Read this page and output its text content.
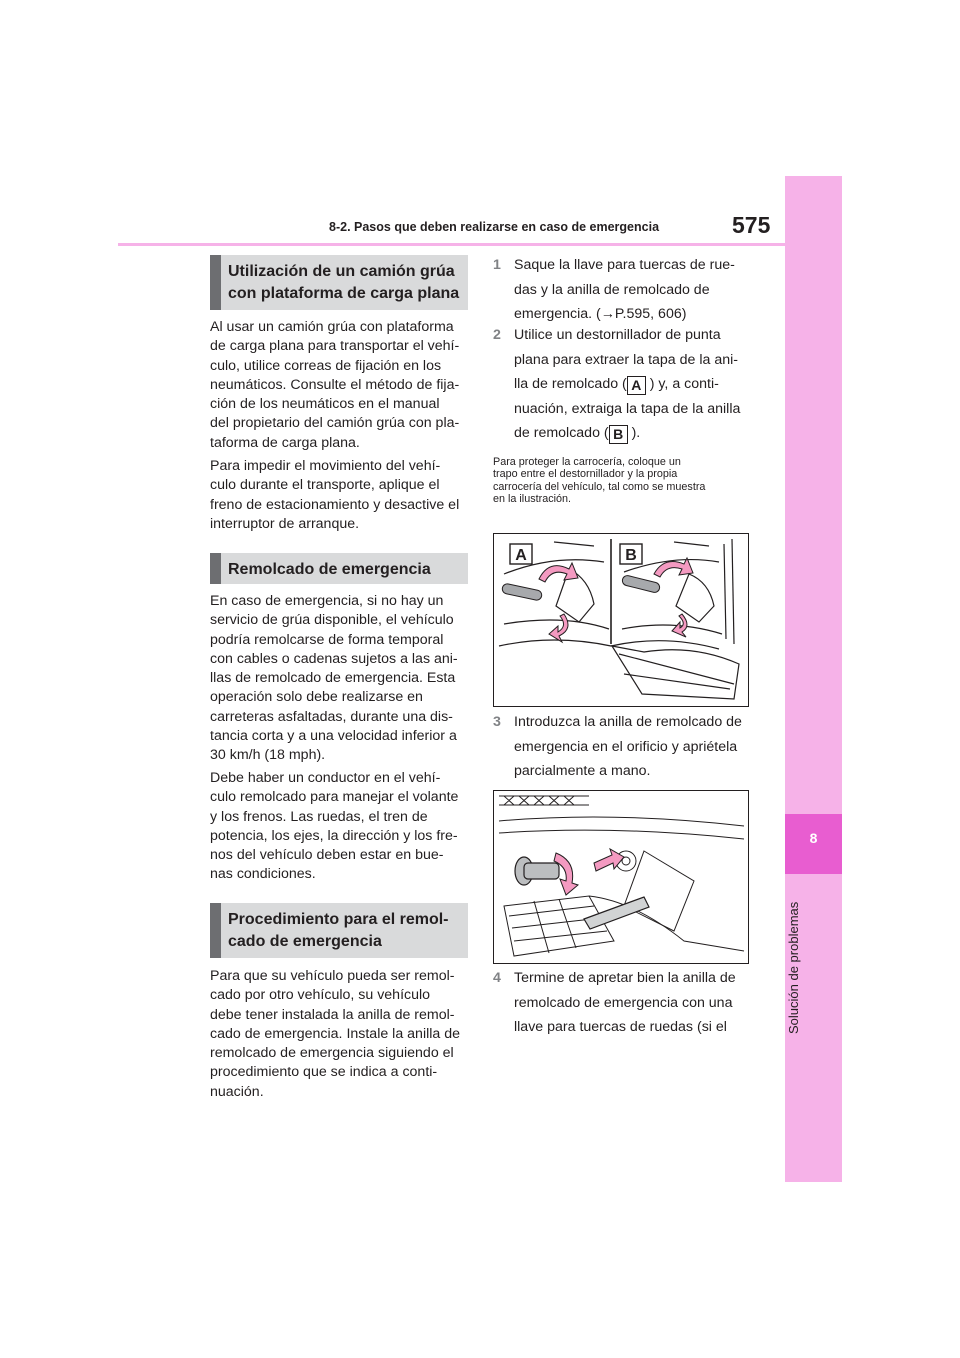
8
Solución de problemas
8-2. Pasos que deben realizarse en caso de emergencia	575
Utilización de un camión grúa
con plataforma de carga plana

Al usar un camión grúa con plataforma

de carga plana para transportar el vehí-

culo, utilice correas de fijación en los

neumáticos. Consulte el método de fija-

ción de los neumáticos en el manual

del propietario del camión grúa con pla-

taforma de carga plana.

Para impedir el movimiento del vehí-

culo durante el transporte, aplique el

freno de estacionamiento y desactive el

interruptor de arranque.

Remolcado de emergencia

En caso de emergencia, si no hay un

servicio de grúa disponible, el vehículo

podría remolcarse de forma temporal

con cables o cadenas sujetos a las ani-

llas de remolcado de emergencia. Esta

operación solo debe realizarse en

carreteras asfaltadas, durante una dis-

tancia corta y a una velocidad inferior a

30 km/h (18 mph).

Debe haber un conductor en el vehí-

culo remolcado para manejar el volante

y los frenos. Las ruedas, el tren de

potencia, los ejes, la dirección y los fre-

nos del vehículo deben estar en bue-

nas condiciones.

Procedimiento para el remol-
cado de emergencia

Para que su vehículo pueda ser remol-

cado por otro vehículo, su vehículo

debe tener instalada la anilla de remol-

cado de emergencia. Instale la anilla de

remolcado de emergencia siguiendo el

procedimiento que se indica a conti-

nuación.

1 Saque la llave para tuercas de rue-
das y la anilla de remolcado de
emergencia. (→P.595, 606)
2 Utilice un destornillador de punta
plana para extraer la tapa de la ani-
lla de remolcado ( A ) y, a conti-
nuación, extraiga la tapa de la anilla
de remolcado ( B ).
Para proteger la carrocería, coloque un
trapo entre el destornillador y la propia
carrocería del vehículo, tal como se muestra
en la ilustración.
A	B
3 Introduzca la anilla de remolcado de
emergencia en el orificio y apriétela
parcialmente a mano.
4 Termine de apretar bien la anilla de
remolcado de emergencia con una
llave para tuercas de ruedas (si el
